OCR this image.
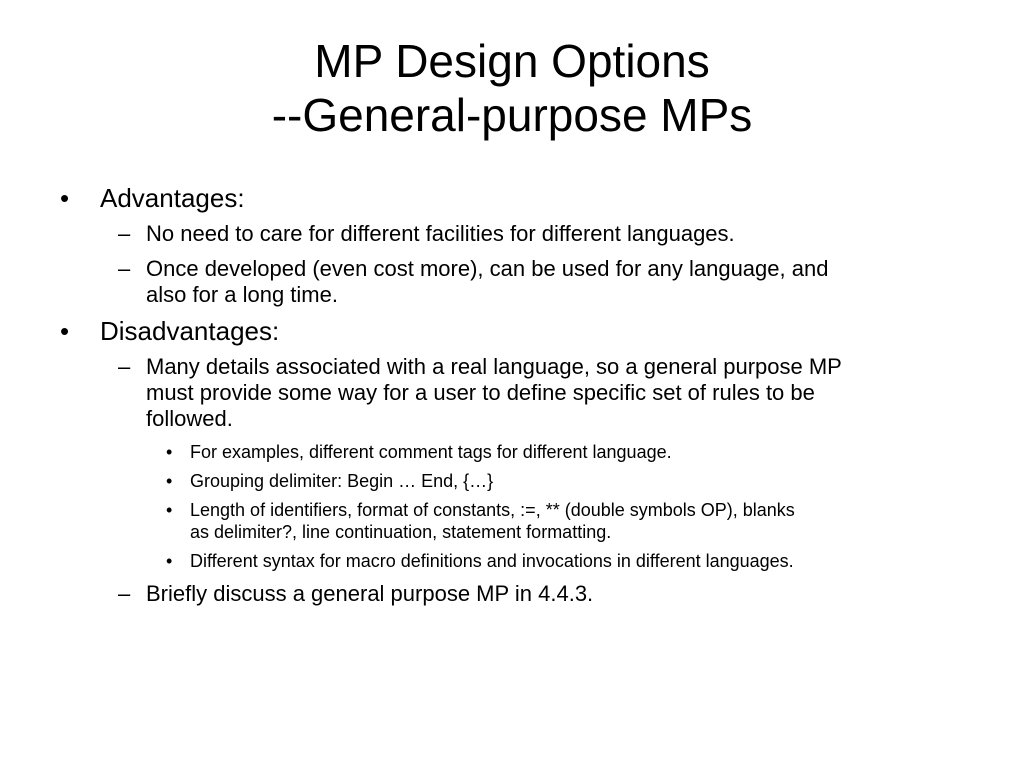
MP Design Options
--General-purpose MPs
• Advantages:
– No need to care for different facilities for different languages.
– Once developed (even cost more), can be used for any language, and
also for a long time.
• Disadvantages:
– Many details associated with a real language, so a general purpose MP
must provide some way for a user to define specific set of rules to be
followed.
• For examples, different comment tags for different language.
• Grouping delimiter: Begin … End, {…}
• Length of identifiers, format of constants, :=, ** (double symbols OP), blanks
as delimiter?, line continuation, statement formatting.
• Different syntax for macro definitions and invocations in different languages.
– Briefly discuss a general purpose MP in 4.4.3.
